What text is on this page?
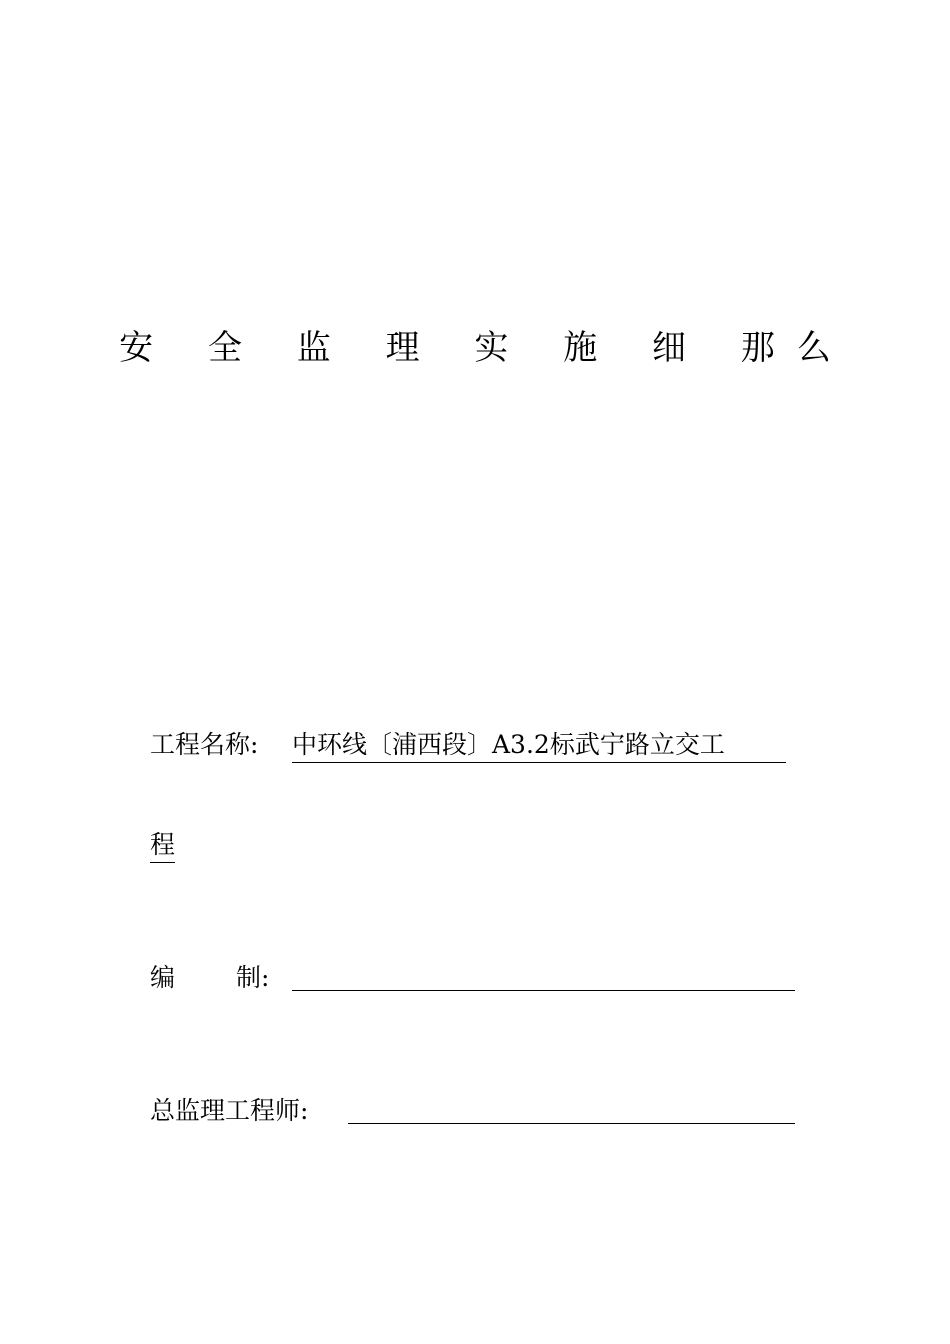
安 全 监 理 实 施 细 那么
工程名称: 中环线〔浦西段〕A3.2标武宁路立交工
程
编 制:
总监理工程师:
